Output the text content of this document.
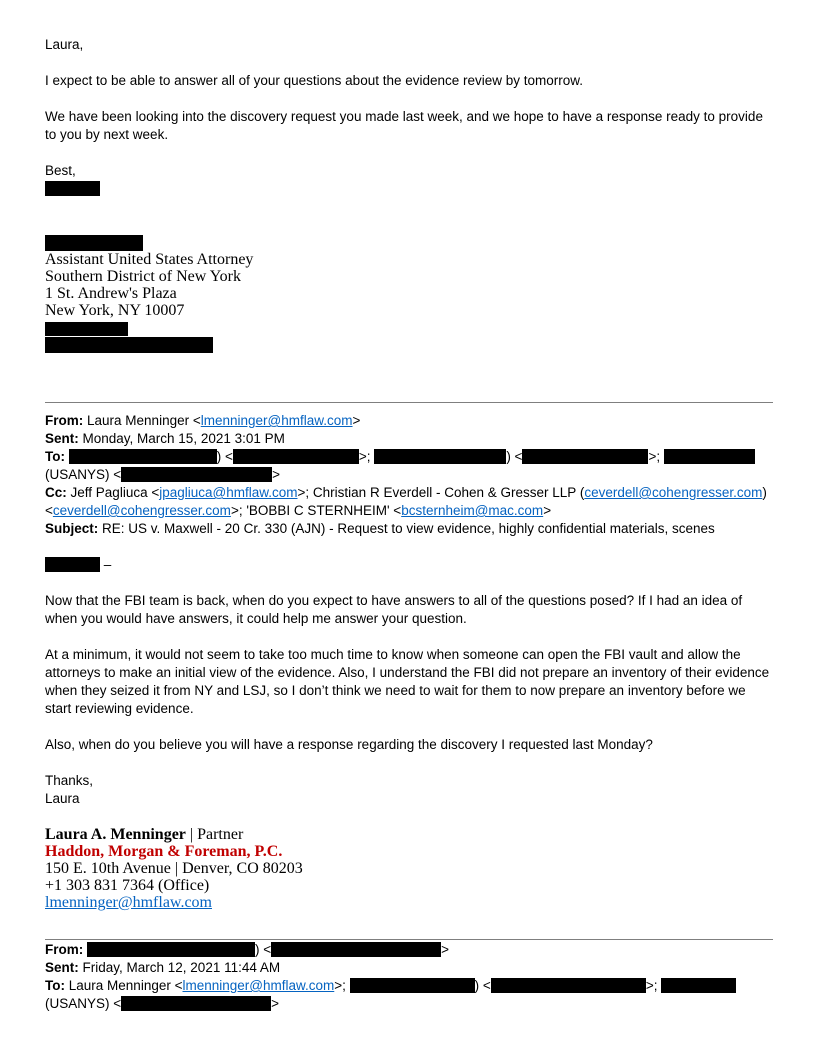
Laura,

I expect to be able to answer all of your questions about the evidence review by tomorrow.

We have been looking into the discovery request you made last week, and we hope to have a response ready to provide to you by next week.

Best,
Assistant United States Attorney
Southern District of New York
1 St. Andrew's Plaza
New York, NY 10007
From: Laura Menninger <lmenninger@hmflaw.com>
Sent: Monday, March 15, 2021 3:01 PM
To:	) <	>;	) <	>;
(USANYS) <	>
Cc: Jeff Pagliuca <jpagliuca@hmflaw.com>; Christian R Everdell - Cohen & Gresser LLP (ceverdell@cohengresser.com)
<ceverdell@cohengresser.com>; 'BOBBI C STERNHEIM' <bcsternheim@mac.com>
Subject: RE: US v. Maxwell - 20 Cr. 330 (AJN) - Request to view evidence, highly confidential materials, scenes

–

Now that the FBI team is back, when do you expect to have answers to all of the questions posed? If I had an idea of when you would have answers, it could help me answer your question.

At a minimum, it would not seem to take too much time to know when someone can open the FBI vault and allow the attorneys to make an initial view of the evidence. Also, I understand the FBI did not prepare an inventory of their evidence when they seized it from NY and LSJ, so I don’t think we need to wait for them to now prepare an inventory before we start reviewing evidence.

Also, when do you believe you will have a response regarding the discovery I requested last Monday?

Thanks,
Laura
Laura A. Menninger | Partner
Haddon, Morgan & Foreman, P.C.
150 E. 10th Avenue | Denver, CO 80203
+1 303 831 7364 (Office)
lmenninger@hmflaw.com
From:	) <	>
Sent: Friday, March 12, 2021 11:44 AM
To: Laura Menninger <lmenninger@hmflaw.com>;	) <	>;
(USANYS) <	>
